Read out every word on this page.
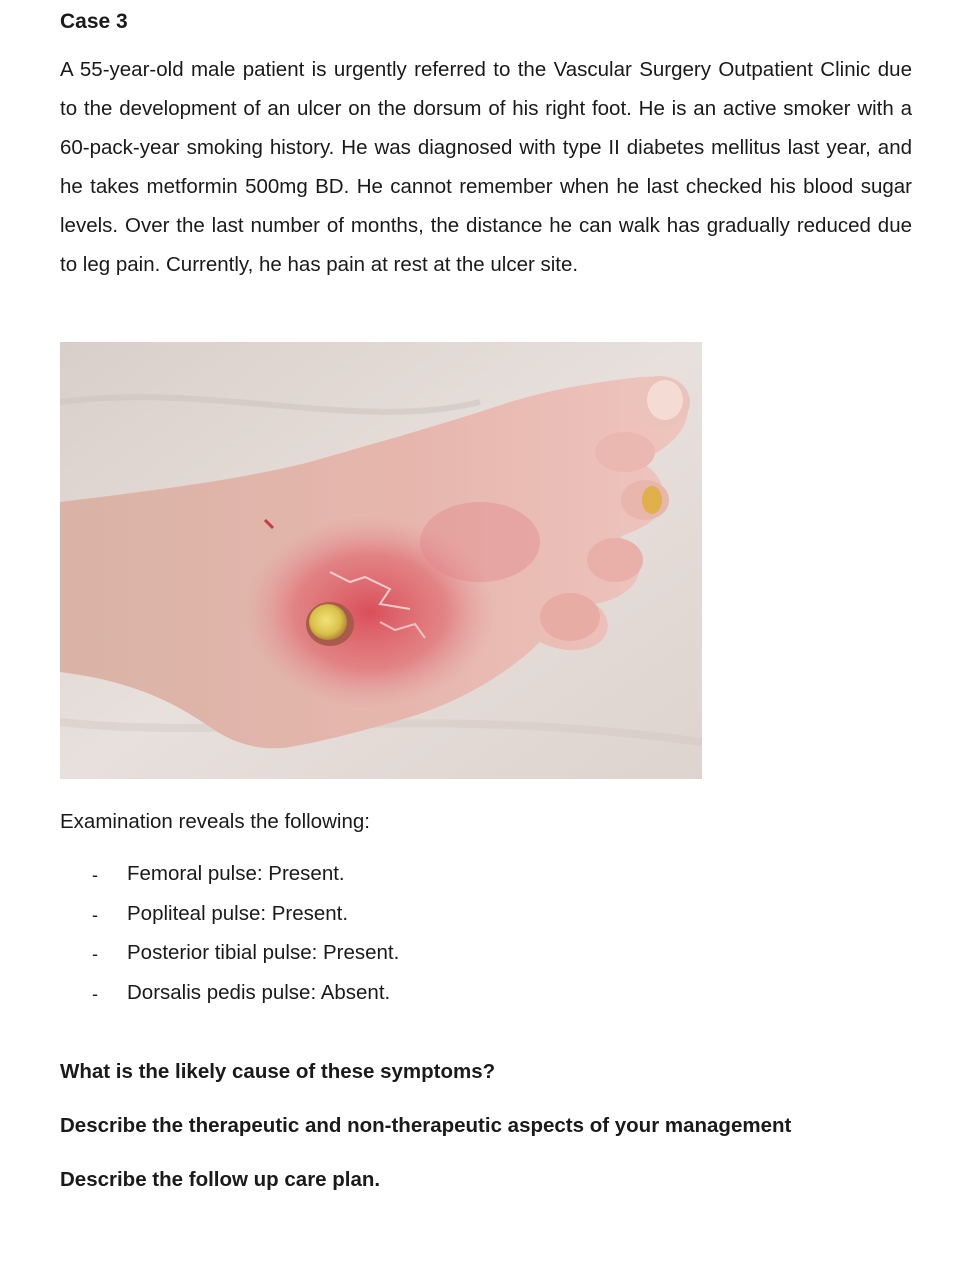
Case 3

A 55-year-old male patient is urgently referred to the Vascular Surgery Outpatient Clinic due to the development of an ulcer on the dorsum of his right foot. He is an active smoker with a 60-pack-year smoking history. He was diagnosed with type II diabetes mellitus last year, and he takes metformin 500mg BD. He cannot remember when he last checked his blood sugar levels. Over the last number of months, the distance he can walk has gradually reduced due to leg pain. Currently, he has pain at rest at the ulcer site.

Examination reveals the following:

-	Femoral pulse: Present.
-	Popliteal pulse: Present.
-	Posterior tibial pulse: Present.
-	Dorsalis pedis pulse: Absent.

What is the likely cause of these symptoms?

Describe the therapeutic and non-therapeutic aspects of your management

Describe the follow up care plan.
